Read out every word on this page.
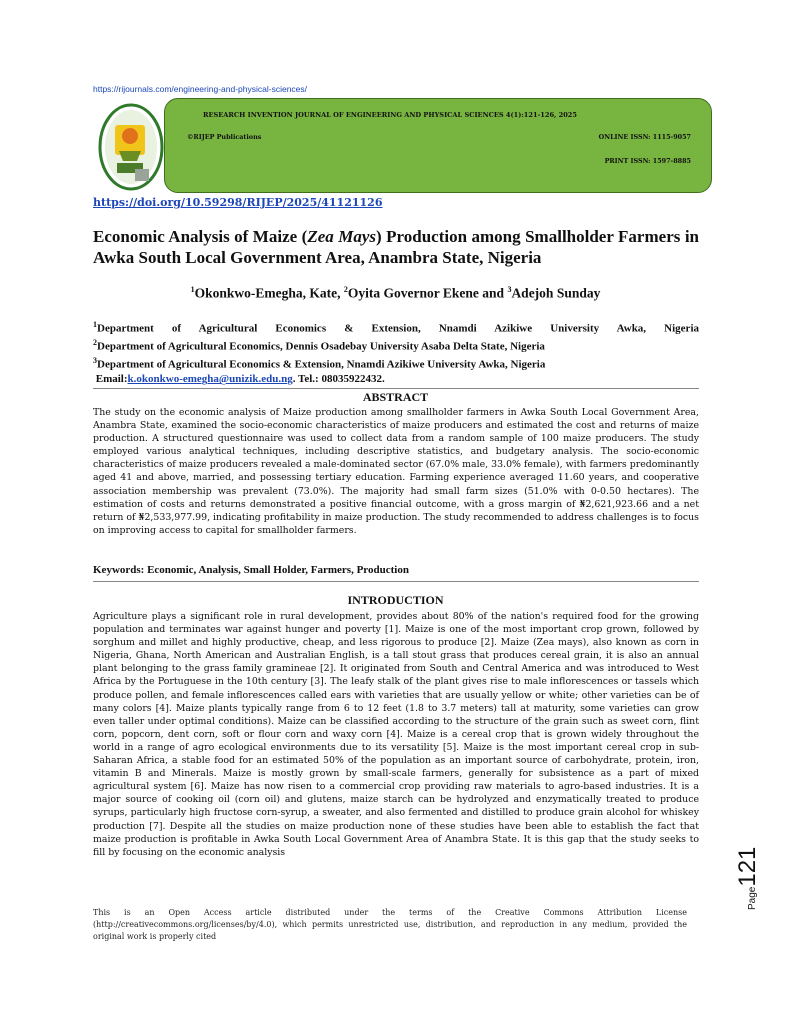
https://rijournals.com/engineering-and-physical-sciences/
RESEARCH INVENTION JOURNAL OF ENGINEERING AND PHYSICAL SCIENCES 4(1):121-126, 2025
©RIJEP Publications	ONLINE ISSN: 1115-9057
PRINT ISSN: 1597-8885
https://doi.org/10.59298/RIJEP/2025/41121126
Economic Analysis of Maize (Zea Mays) Production among Smallholder Farmers in Awka South Local Government Area, Anambra State, Nigeria
$^1$Okonkwo-Emegha, Kate, $^2$Oyita Governor Ekene and $^3$Adejoh Sunday
$^1$Department of Agricultural Economics & Extension, Nnamdi Azikiwe University Awka, Nigeria
$^2$Department of Agricultural Economics, Dennis Osadebay University Asaba Delta State, Nigeria
$^3$Department of Agricultural Economics & Extension, Nnamdi Azikiwe University Awka, Nigeria
Email:k.okonkwo-emegha@unizik.edu.ng. Tel.: 08035922432.
ABSTRACT
The study on the economic analysis of Maize production among smallholder farmers in Awka South Local Government Area, Anambra State, examined the socio-economic characteristics of maize producers and estimated the cost and returns of maize production. A structured questionnaire was used to collect data from a random sample of 100 maize producers. The study employed various analytical techniques, including descriptive statistics, and budgetary analysis. The socio-economic characteristics of maize producers revealed a male-dominated sector (67.0% male, 33.0% female), with farmers predominantly aged 41 and above, married, and possessing tertiary education. Farming experience averaged 11.60 years, and cooperative association membership was prevalent (73.0%). The majority had small farm sizes (51.0% with 0-0.50 hectares). The estimation of costs and returns demonstrated a positive financial outcome, with a gross margin of ₦2,621,923.66 and a net return of ₦2,533,977.99, indicating profitability in maize production. The study recommended to address challenges is to focus on improving access to capital for smallholder farmers.
Keywords: Economic, Analysis, Small Holder, Farmers, Production
INTRODUCTION
Agriculture plays a significant role in rural development, provides about 80% of the nation's required food for the growing population and terminates war against hunger and poverty [1]. Maize is one of the most important crop grown, followed by sorghum and millet and highly productive, cheap, and less rigorous to produce [2]. Maize (Zea mays), also known as corn in Nigeria, Ghana, North American and Australian English, is a tall stout grass that produces cereal grain, it is also an annual plant belonging to the grass family gramineae [2]. It originated from South and Central America and was introduced to West Africa by the Portuguese in the 10th century [3]. The leafy stalk of the plant gives rise to male inflorescences or tassels which produce pollen, and female inflorescences called ears with varieties that are usually yellow or white; other varieties can be of many colors [4]. Maize plants typically range from 6 to 12 feet (1.8 to 3.7 meters) tall at maturity, some varieties can grow even taller under optimal conditions). Maize can be classified according to the structure of the grain such as sweet corn, flint corn, popcorn, dent corn, soft or flour corn and waxy corn [4]. Maize is a cereal crop that is grown widely throughout the world in a range of agro ecological environments due to its versatility [5]. Maize is the most important cereal crop in sub-Saharan Africa, a stable food for an estimated 50% of the population as an important source of carbohydrate, protein, iron, vitamin B and Minerals. Maize is mostly grown by small-scale farmers, generally for subsistence as a part of mixed agricultural system [6]. Maize has now risen to a commercial crop providing raw materials to agro-based industries. It is a major source of cooking oil (corn oil) and glutens, maize starch can be hydrolyzed and enzymatically treated to produce syrups, particularly high fructose corn-syrup, a sweater, and also fermented and distilled to produce grain alcohol for whiskey production [7]. Despite all the studies on maize production none of these studies have been able to establish the fact that maize production is profitable in Awka South Local Government Area of Anambra State. It is this gap that the study seeks to fill by focusing on the economic analysis
Page121
This is an Open Access article distributed under the terms of the Creative Commons Attribution License (http://creativecommons.org/licenses/by/4.0), which permits unrestricted use, distribution, and reproduction in any medium, provided the original work is properly cited
